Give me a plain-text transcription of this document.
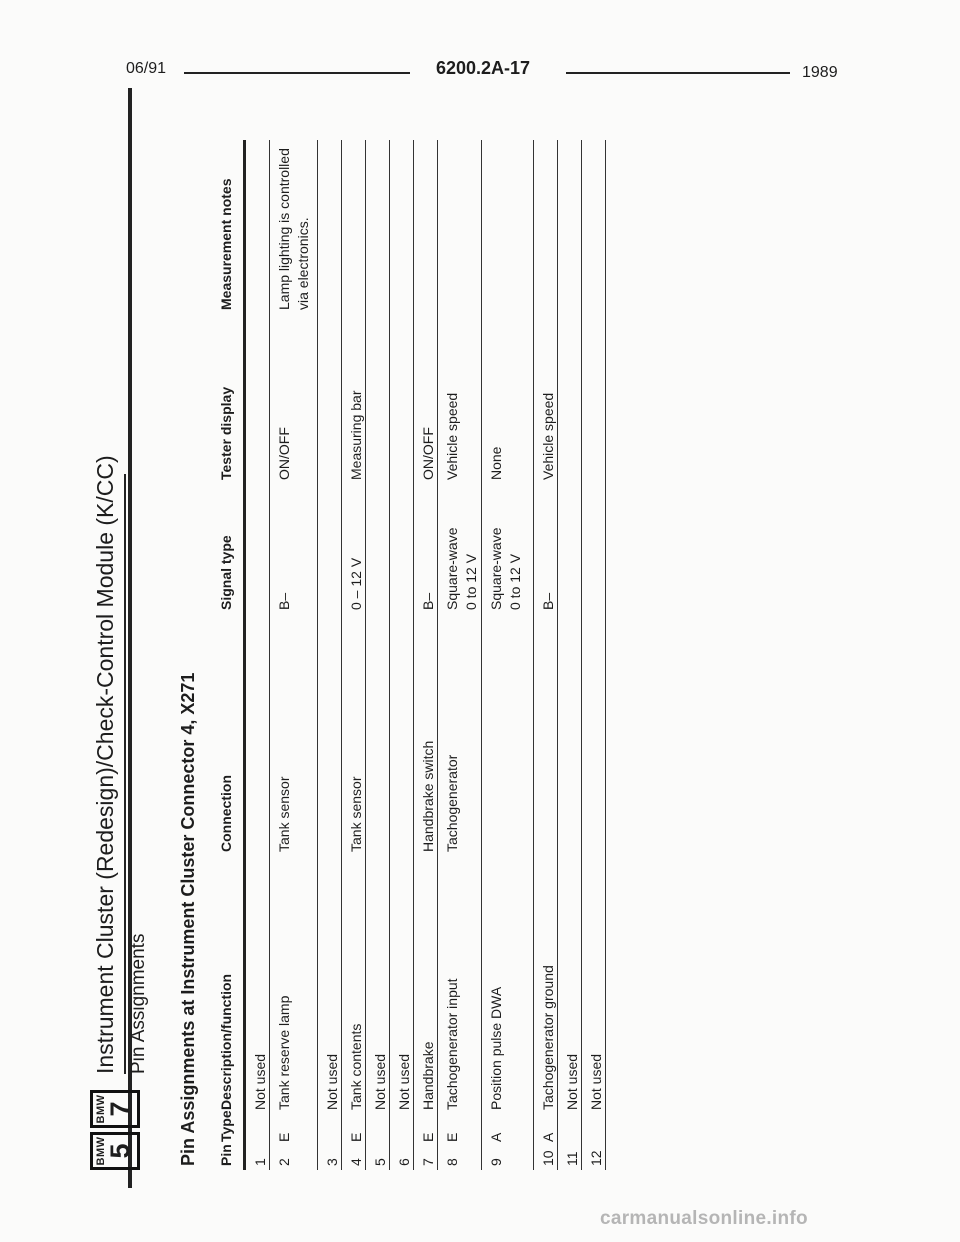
06/91	6200.2A-17	1989
BMW
5
BMW
7
Instrument Cluster (Redesign)/Check-Control Module (K/CC) Pin Assignments Pin Assignments at Instrument Cluster Connector 4, X271 Pin
Type
Description/function
Connection
Signal type
Tester display
Measurement notes
1
Not used

2
E
Tank reserve lamp
Tank sensor
B–

ON/OFF
Lamp lighting is controlled via electronics.
3
Not used

4
E
Tank contents
Tank sensor
0 – 12 V

Measuring bar

5
Not used

6
Not used

7
E
Handbrake
Handbrake switch
B–

ON/OFF

8
E
Tachogenerator input
Tachogenerator
Square-wave 0 to 12 V
Vehicle speed

9
A
Position pulse DWA
Square-wave 0 to 12 V
None

10
A
Tachogenerator ground
B–

Vehicle speed

11
Not used

12
Not used

carmanualsonline.info
